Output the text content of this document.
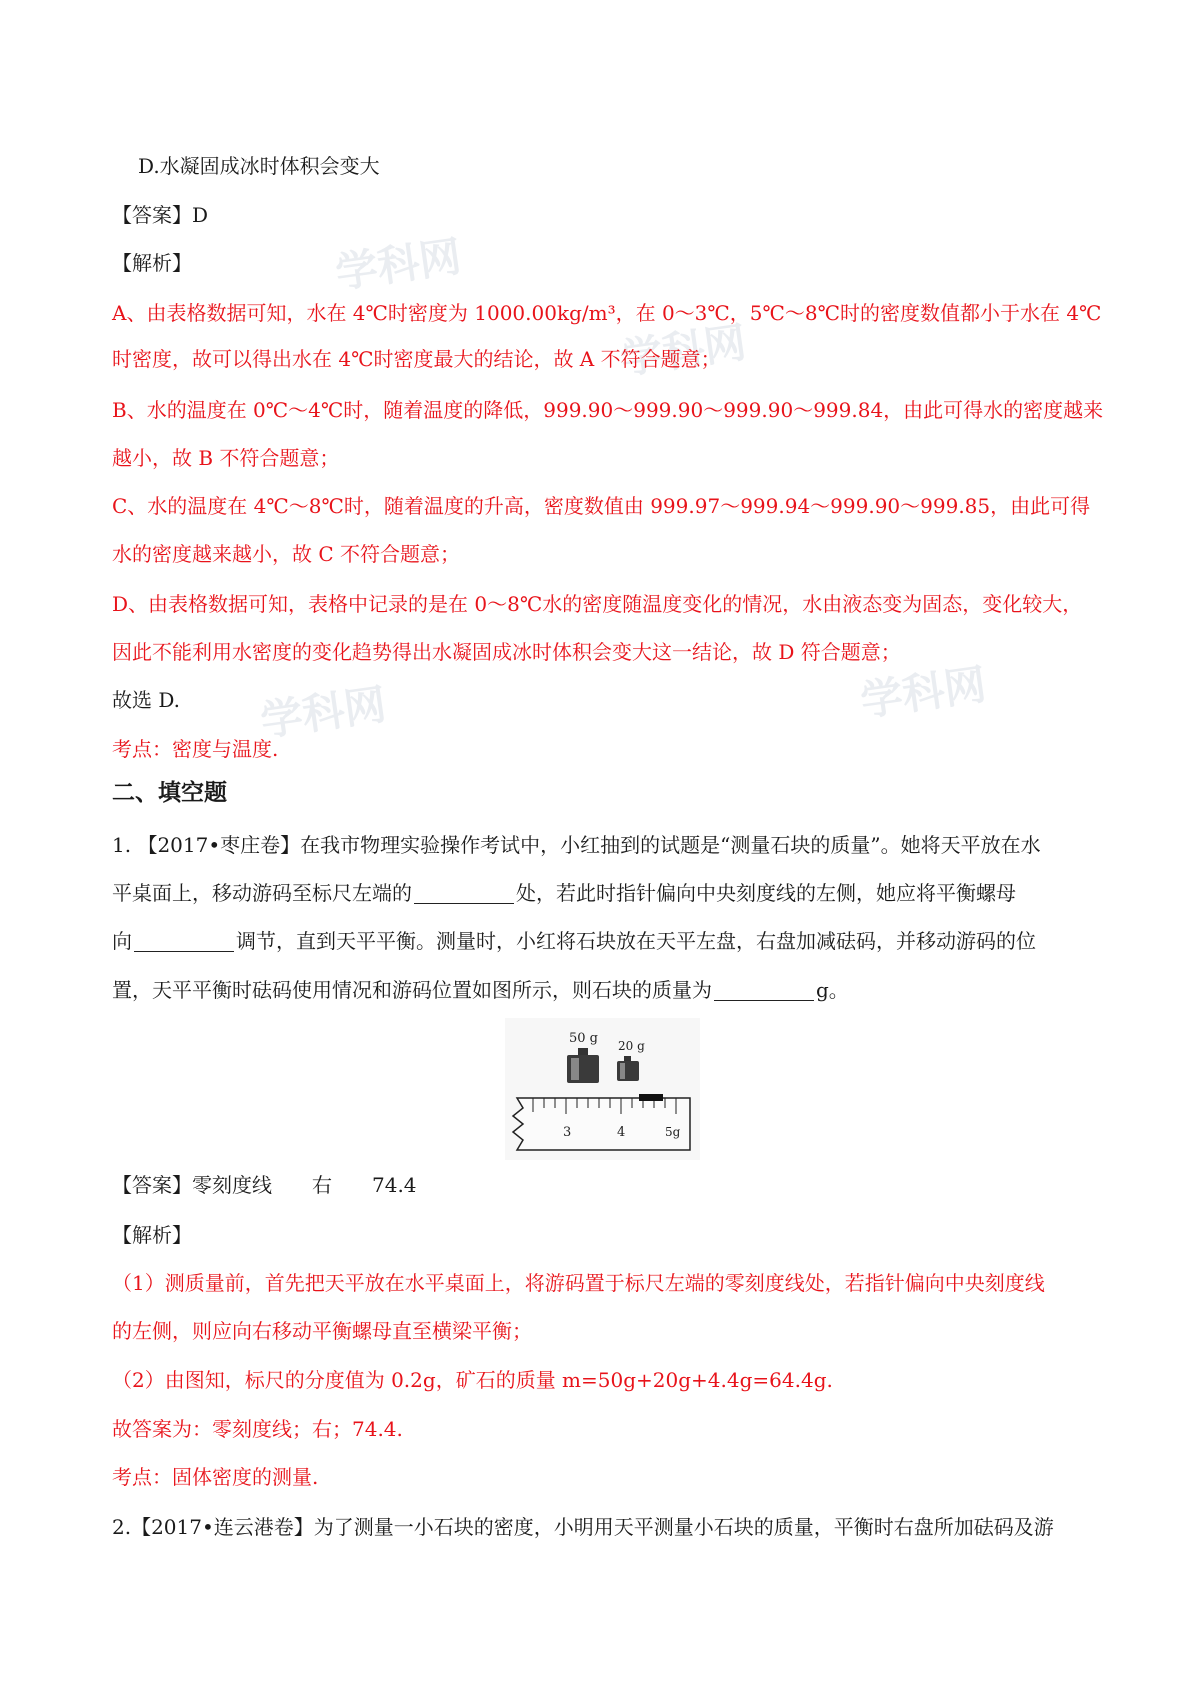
学科网
学科网
学科网	学科网
D.水凝固成冰时体积会变大
【答案】D
【解析】
A、由表格数据可知，水在 4℃时密度为 1000.00kg/m³，在 0～3℃，5℃～8℃时的密度数值都小于水在 4℃
时密度，故可以得出水在 4℃时密度最大的结论，故 A 不符合题意；
B、水的温度在 0℃～4℃时，随着温度的降低，999.90～999.90～999.90～999.84，由此可得水的密度越来
越小，故 B 不符合题意；
C、水的温度在 4℃～8℃时，随着温度的升高，密度数值由 999.97～999.94～999.90～999.85，由此可得
水的密度越来越小，故 C 不符合题意；
D、由表格数据可知，表格中记录的是在 0～8℃水的密度随温度变化的情况，水由液态变为固态，变化较大，
因此不能利用水密度的变化趋势得出水凝固成冰时体积会变大这一结论，故 D 符合题意；
故选 D.
考点：密度与温度.
二、填空题
1. 【2017•枣庄卷】在我市物理实验操作考试中，小红抽到的试题是“测量石块的质量”。她将天平放在水
平桌面上，移动游码至标尺左端的	处，若此时指针偏向中央刻度线的左侧，她应将平衡螺母
向	调节，直到天平平衡。测量时，小红将石块放在天平左盘，右盘加减砝码，并移动游码的位
置，天平平衡时砝码使用情况和游码位置如图所示，则石块的质量为	g。
50 g 20 g
3	4	5g
【答案】零刻度线　　右　　74.4
【解析】
（1）测质量前，首先把天平放在水平桌面上，将游码置于标尺左端的零刻度线处，若指针偏向中央刻度线
的左侧，则应向右移动平衡螺母直至横梁平衡；
（2）由图知，标尺的分度值为 0.2g，矿石的质量 m=50g+20g+4.4g=64.4g.
故答案为：零刻度线；右；74.4.
考点：固体密度的测量.
2.【2017•连云港卷】为了测量一小石块的密度，小明用天平测量小石块的质量，平衡时右盘所加砝码及游
